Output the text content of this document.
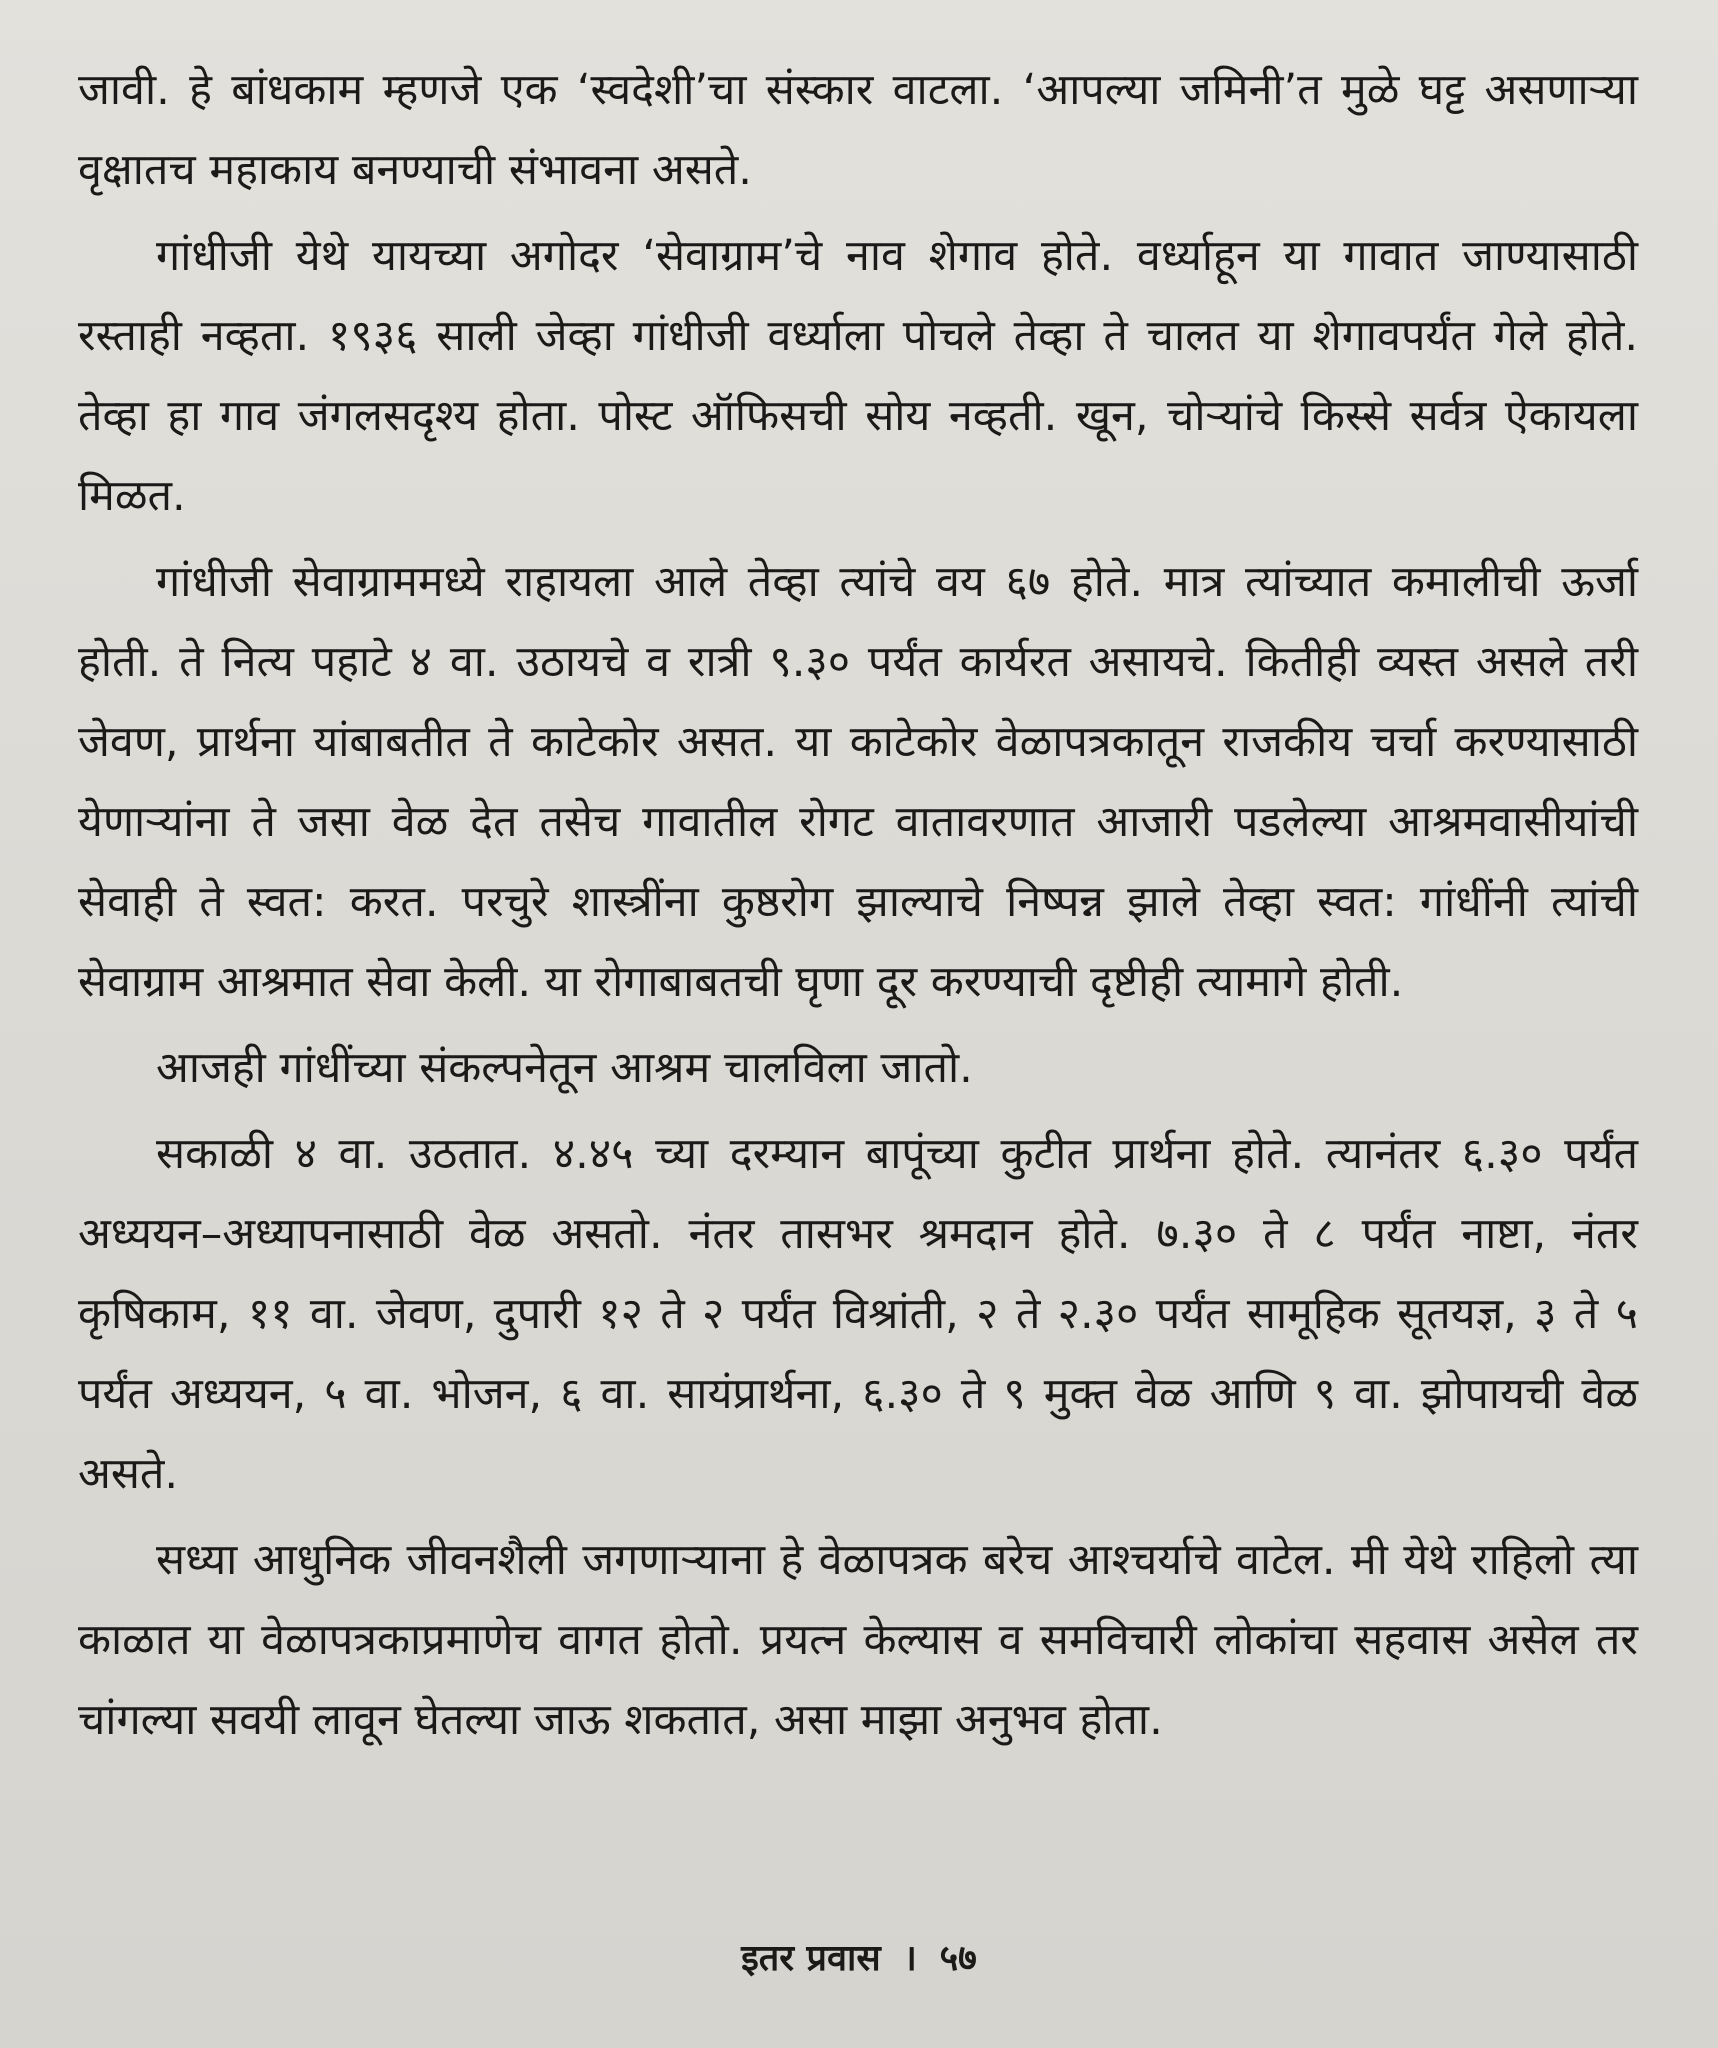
जावी. हे बांधकाम म्हणजे एक ‘स्वदेशी’चा संस्कार वाटला. ‘आपल्या जमिनी’त मुळे घट्ट असणाऱ्या वृक्षातच महाकाय बनण्याची संभावना असते.

गांधीजी येथे यायच्या अगोदर ‘सेवाग्राम’चे नाव शेगाव होते. वर्ध्याहून या गावात जाण्यासाठी रस्ताही नव्हता. १९३६ साली जेव्हा गांधीजी वर्ध्याला पोचले तेव्हा ते चालत या शेगावपर्यंत गेले होते. तेव्हा हा गाव जंगलसदृश्य होता. पोस्ट ऑफिसची सोय नव्हती. खून, चोऱ्यांचे किस्से सर्वत्र ऐकायला मिळत.

गांधीजी सेवाग्राममध्ये राहायला आले तेव्हा त्यांचे वय ६७ होते. मात्र त्यांच्यात कमालीची ऊर्जा होती. ते नित्य पहाटे ४ वा. उठायचे व रात्री ९.३० पर्यंत कार्यरत असायचे. कितीही व्यस्त असले तरी जेवण, प्रार्थना यांबाबतीत ते काटेकोर असत. या काटेकोर वेळापत्रकातून राजकीय चर्चा करण्यासाठी येणाऱ्यांना ते जसा वेळ देत तसेच गावातील रोगट वातावरणात आजारी पडलेल्या आश्रमवासीयांची सेवाही ते स्वत: करत. परचुरे शास्त्रींना कुष्ठरोग झाल्याचे निष्पन्न झाले तेव्हा स्वत: गांधींनी त्यांची सेवाग्राम आश्रमात सेवा केली. या रोगाबाबतची घृणा दूर करण्याची दृष्टीही त्यामागे होती.

आजही गांधींच्या संकल्पनेतून आश्रम चालविला जातो.

सकाळी ४ वा. उठतात. ४.४५ च्या दरम्यान बापूंच्या कुटीत प्रार्थना होते. त्यानंतर ६.३० पर्यंत अध्ययन–अध्यापनासाठी वेळ असतो. नंतर तासभर श्रमदान होते. ७.३० ते ८ पर्यंत नाष्टा, नंतर कृषिकाम, ११ वा. जेवण, दुपारी १२ ते २ पर्यंत विश्रांती, २ ते २.३० पर्यंत सामूहिक सूतयज्ञ, ३ ते ५ पर्यंत अध्ययन, ५ वा. भोजन, ६ वा. सायंप्रार्थना, ६.३० ते ९ मुक्त वेळ आणि ९ वा. झोपायची वेळ असते.

सध्या आधुनिक जीवनशैली जगणाऱ्याना हे वेळापत्रक बरेच आश्चर्याचे वाटेल. मी येथे राहिलो त्या काळात या वेळापत्रकाप्रमाणेच वागत होतो. प्रयत्न केल्यास व समविचारी लोकांचा सहवास असेल तर चांगल्या सवयी लावून घेतल्या जाऊ शकतात, असा माझा अनुभव होता.

इतर प्रवास । ५७
